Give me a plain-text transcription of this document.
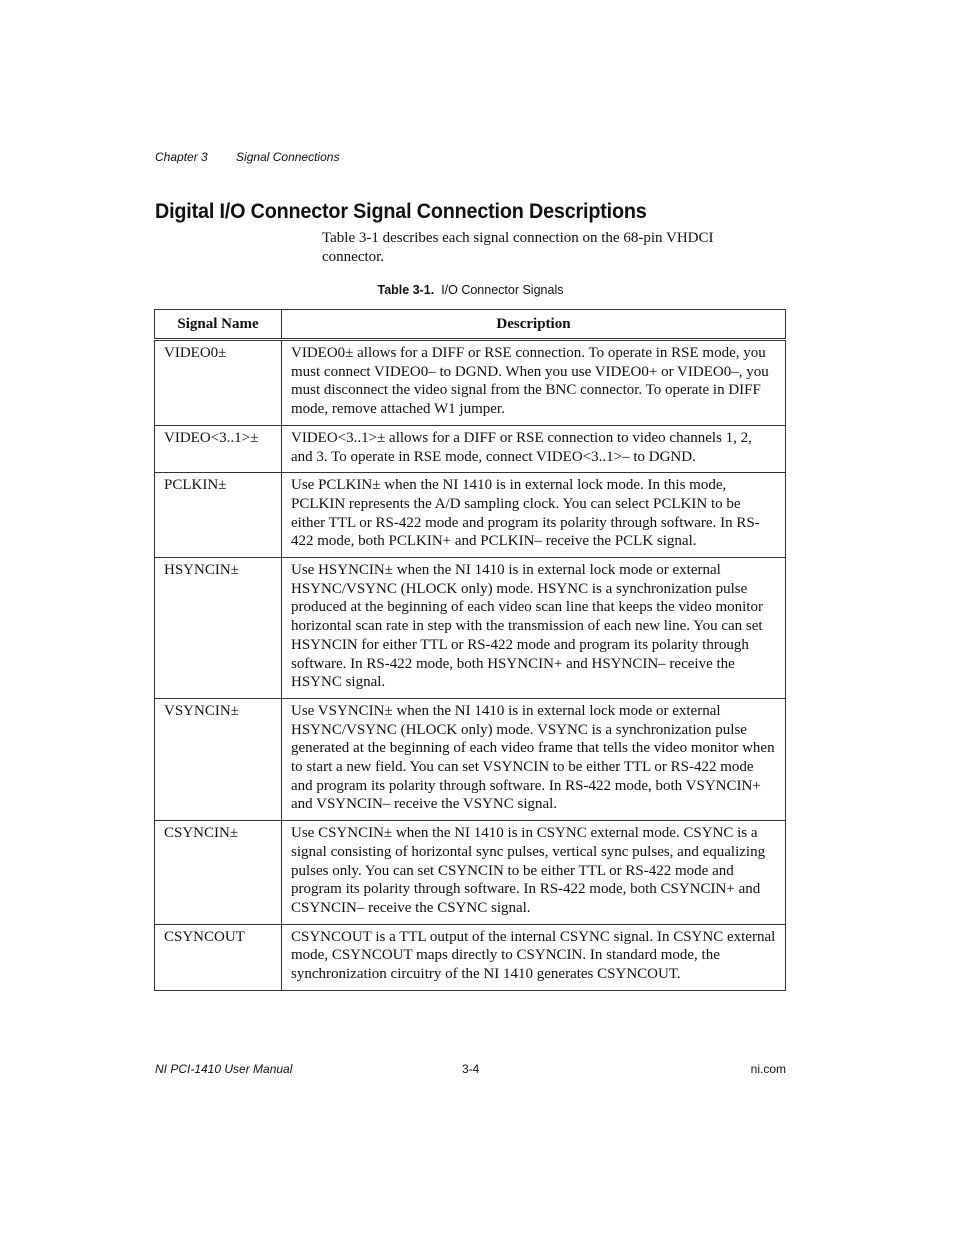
Chapter 3 Signal Connections
Digital I/O Connector Signal Connection Descriptions

Table 3-1 describes each signal connection on the 68-pin VHDCI connector.

Table 3-1. I/O Connector Signals
Signal Name	Description
VIDEO0±	VIDEO0± allows for a DIFF or RSE connection. To operate in RSE mode, you must connect VIDEO0– to DGND. When you use VIDEO0+ or VIDEO0–, you must disconnect the video signal from the BNC connector. To operate in DIFF mode, remove attached W1 jumper.
VIDEO<3..1>±	VIDEO<3..1>± allows for a DIFF or RSE connection to video channels 1, 2, and 3. To operate in RSE mode, connect VIDEO<3..1>– to DGND.
PCLKIN±	Use PCLKIN± when the NI 1410 is in external lock mode. In this mode, PCLKIN represents the A/D sampling clock. You can select PCLKIN to be either TTL or RS-422 mode and program its polarity through software. In RS-422 mode, both PCLKIN+ and PCLKIN– receive the PCLK signal.
HSYNCIN±	Use HSYNCIN± when the NI 1410 is in external lock mode or external HSYNC/VSYNC (HLOCK only) mode. HSYNC is a synchronization pulse produced at the beginning of each video scan line that keeps the video monitor horizontal scan rate in step with the transmission of each new line. You can set HSYNCIN for either TTL or RS-422 mode and program its polarity through software. In RS-422 mode, both HSYNCIN+ and HSYNCIN– receive the HSYNC signal.
VSYNCIN±	Use VSYNCIN± when the NI 1410 is in external lock mode or external HSYNC/VSYNC (HLOCK only) mode. VSYNC is a synchronization pulse generated at the beginning of each video frame that tells the video monitor when to start a new field. You can set VSYNCIN to be either TTL or RS-422 mode and program its polarity through software. In RS-422 mode, both VSYNCIN+ and VSYNCIN– receive the VSYNC signal.
CSYNCIN±	Use CSYNCIN± when the NI 1410 is in CSYNC external mode. CSYNC is a signal consisting of horizontal sync pulses, vertical sync pulses, and equalizing pulses only. You can set CSYNCIN to be either TTL or RS-422 mode and program its polarity through software. In RS-422 mode, both CSYNCIN+ and CSYNCIN– receive the CSYNC signal.
CSYNCOUT	CSYNCOUT is a TTL output of the internal CSYNC signal. In CSYNC external mode, CSYNCOUT maps directly to CSYNCIN. In standard mode, the synchronization circuitry of the NI 1410 generates CSYNCOUT.
NI PCI-1410 User Manual	3-4	ni.com
